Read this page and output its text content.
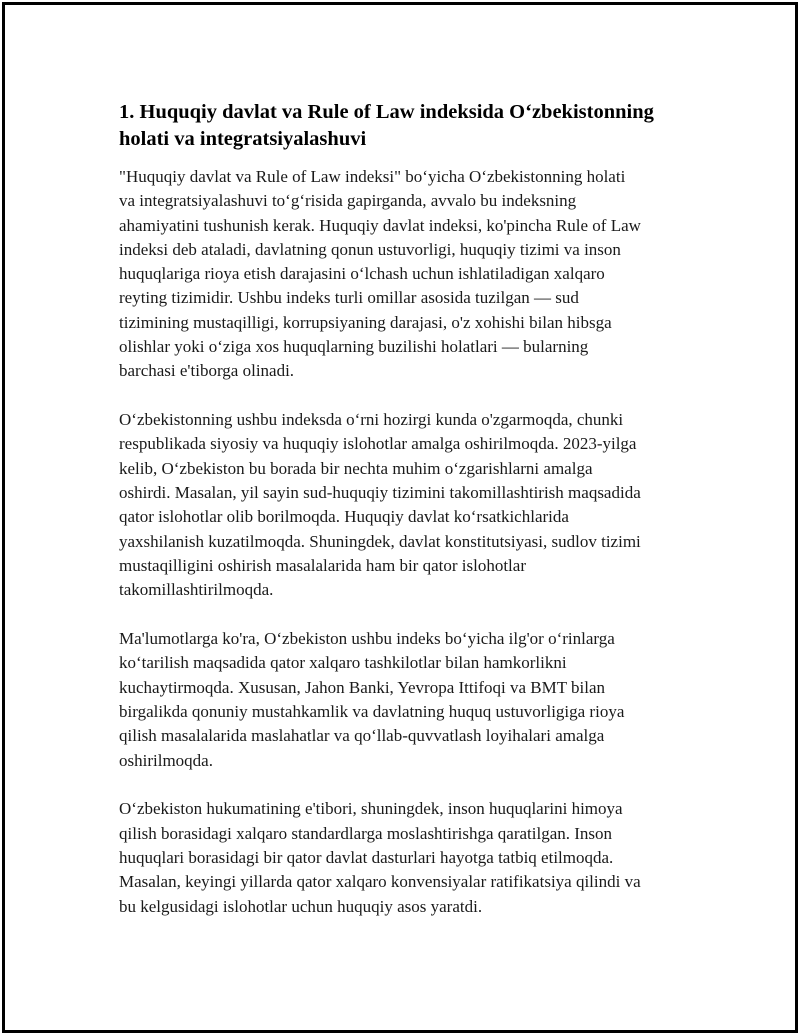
1. Huquqiy davlat va Rule of Law indeksida O‘zbekistonning holati va integratsiyalashuvi

"Huquqiy davlat va Rule of Law indeksi" bo‘yicha O‘zbekistonning holati
va integratsiyalashuvi to‘g‘risida gapirganda, avvalo bu indeksning
ahamiyatini tushunish kerak. Huquqiy davlat indeksi, ko'pincha Rule of Law
indeksi deb ataladi, davlatning qonun ustuvorligi, huquqiy tizimi va inson
huquqlariga rioya etish darajasini o‘lchash uchun ishlatiladigan xalqaro
reyting tizimidir. Ushbu indeks turli omillar asosida tuzilgan — sud
tizimining mustaqilligi, korrupsiyaning darajasi, o'z xohishi bilan hibsga
olishlar yoki o‘ziga xos huquqlarning buzilishi holatlari — bularning
barchasi e'tiborga olinadi.

O‘zbekistonning ushbu indeksda o‘rni hozirgi kunda o'zgarmoqda, chunki
respublikada siyosiy va huquqiy islohotlar amalga oshirilmoqda. 2023-yilga
kelib, O‘zbekiston bu borada bir nechta muhim o‘zgarishlarni amalga
oshirdi. Masalan, yil sayin sud-huquqiy tizimini takomillashtirish maqsadida
qator islohotlar olib borilmoqda. Huquqiy davlat ko‘rsatkichlarida
yaxshilanish kuzatilmoqda. Shuningdek, davlat konstitutsiyasi, sudlov tizimi
mustaqilligini oshirish masalalarida ham bir qator islohotlar
takomillashtirilmoqda.

Ma'lumotlarga ko'ra, O‘zbekiston ushbu indeks bo‘yicha ilg'or o‘rinlarga
ko‘tarilish maqsadida qator xalqaro tashkilotlar bilan hamkorlikni
kuchaytirmoqda. Xususan, Jahon Banki, Yevropa Ittifoqi va BMT bilan
birgalikda qonuniy mustahkamlik va davlatning huquq ustuvorligiga rioya
qilish masalalarida maslahatlar va qo‘llab-quvvatlash loyihalari amalga
oshirilmoqda.

O‘zbekiston hukumatining e'tibori, shuningdek, inson huquqlarini himoya
qilish borasidagi xalqaro standardlarga moslashtirishga qaratilgan. Inson
huquqlari borasidagi bir qator davlat dasturlari hayotga tatbiq etilmoqda.
Masalan, keyingi yillarda qator xalqaro konvensiyalar ratifikatsiya qilindi va
bu kelgusidagi islohotlar uchun huquqiy asos yaratdi.
